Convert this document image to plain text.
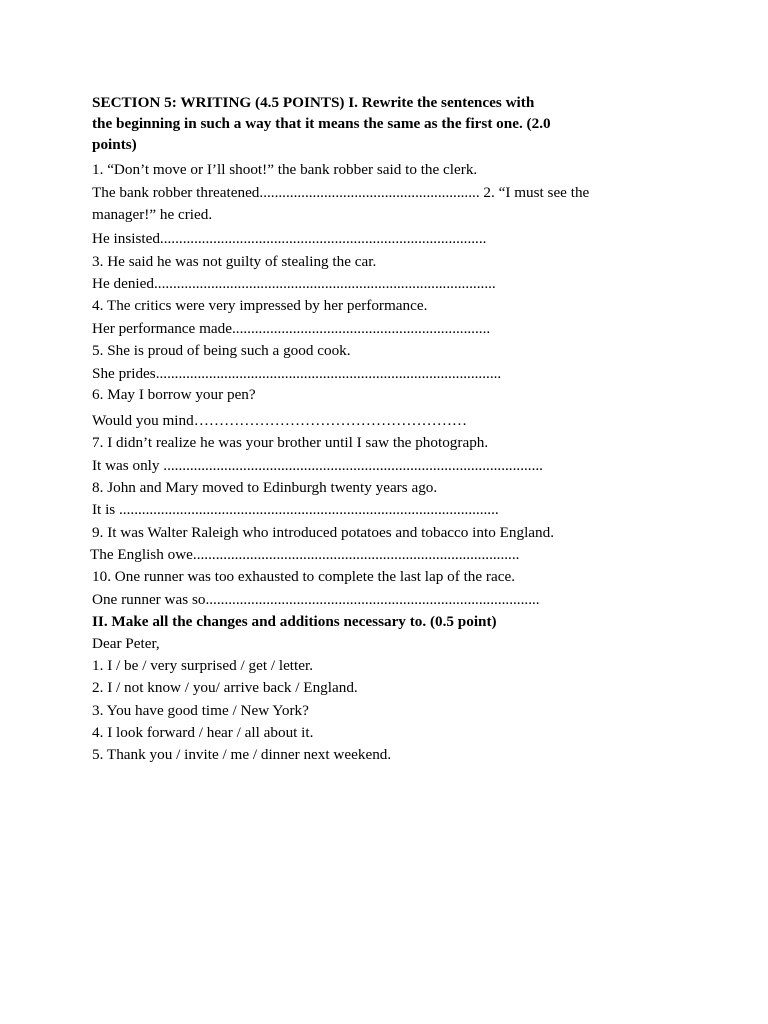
SECTION 5: WRITING (4.5 POINTS) I. Rewrite the sentences with
the beginning in such a way that it means the same as the first one. (2.0
points)
1. “Don’t move or I’ll shoot!” the bank robber said to the clerk.
The bank robber threatened.......................................................... 2. “I must see the
manager!” he cried.
He insisted......................................................................................
3. He said he was not guilty of stealing the car.
He denied..........................................................................................
4. The critics were very impressed by her performance.
Her performance made....................................................................
5. She is proud of being such a good cook.
She prides...........................................................................................
6. May I borrow your pen?
Would you mind………………………………………………
7. I didn’t realize he was your brother until I saw the photograph.
It was only ....................................................................................................
8. John and Mary moved to Edinburgh twenty years ago.
It is ....................................................................................................
9. It was Walter Raleigh who introduced potatoes and tobacco into England.
The English owe......................................................................................
10. One runner was too exhausted to complete the last lap of the race.
One runner was so........................................................................................
II. Make all the changes and additions necessary to. (0.5 point)
Dear Peter,
1. I / be / very surprised / get / letter.
2. I / not know / you/ arrive back / England.
3. You have good time / New York?
4. I look forward / hear / all about it.
5. Thank you / invite / me / dinner next weekend.
